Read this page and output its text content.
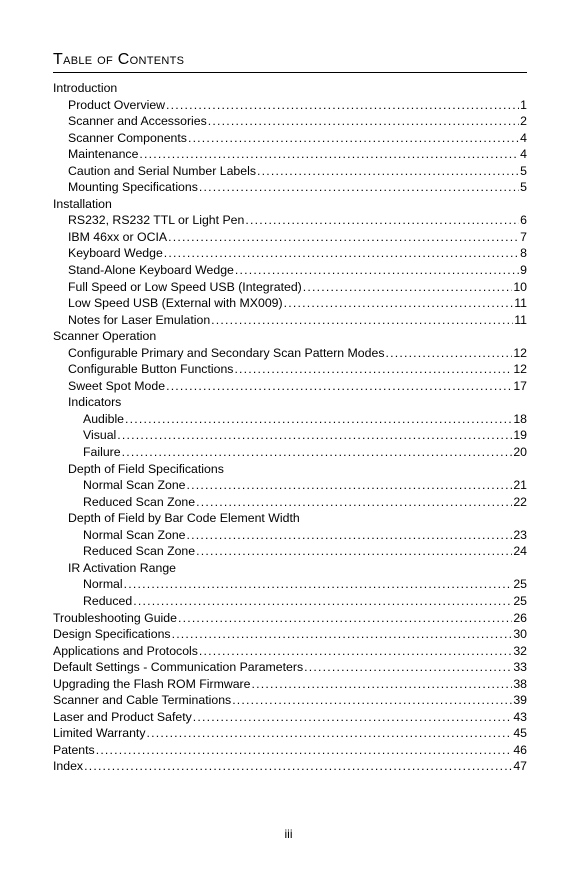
Table of Contents
Introduction
Product Overview .....	1
Scanner and Accessories .....	2
Scanner Components .....	4
Maintenance .....	4
Caution and Serial Number Labels .....	5
Mounting Specifications .....	5
Installation
RS232, RS232 TTL or Light Pen .....	6
IBM 46xx or OCIA .....	7
Keyboard Wedge .....	8
Stand-Alone Keyboard Wedge .....	9
Full Speed or Low Speed USB (Integrated) .....	10
Low Speed USB (External with MX009) .....	11
Notes for Laser Emulation .....	11
Scanner Operation
Configurable Primary and Secondary Scan Pattern Modes .....	12
Configurable Button Functions .....	12
Sweet Spot Mode .....	17
Indicators
Audible .....	18
Visual .....	19
Failure .....	20
Depth of Field Specifications
Normal Scan Zone .....	21
Reduced Scan Zone .....	22
Depth of Field by Bar Code Element Width
Normal Scan Zone .....	23
Reduced Scan Zone .....	24
IR Activation Range
Normal .....	25
Reduced .....	25
Troubleshooting Guide .....	26
Design Specifications .....	30
Applications and Protocols .....	32
Default Settings - Communication Parameters .....	33
Upgrading the Flash ROM Firmware .....	38
Scanner and Cable Terminations .....	39
Laser and Product Safety .....	43
Limited Warranty .....	45
Patents .....	46
Index .....	47
iii
